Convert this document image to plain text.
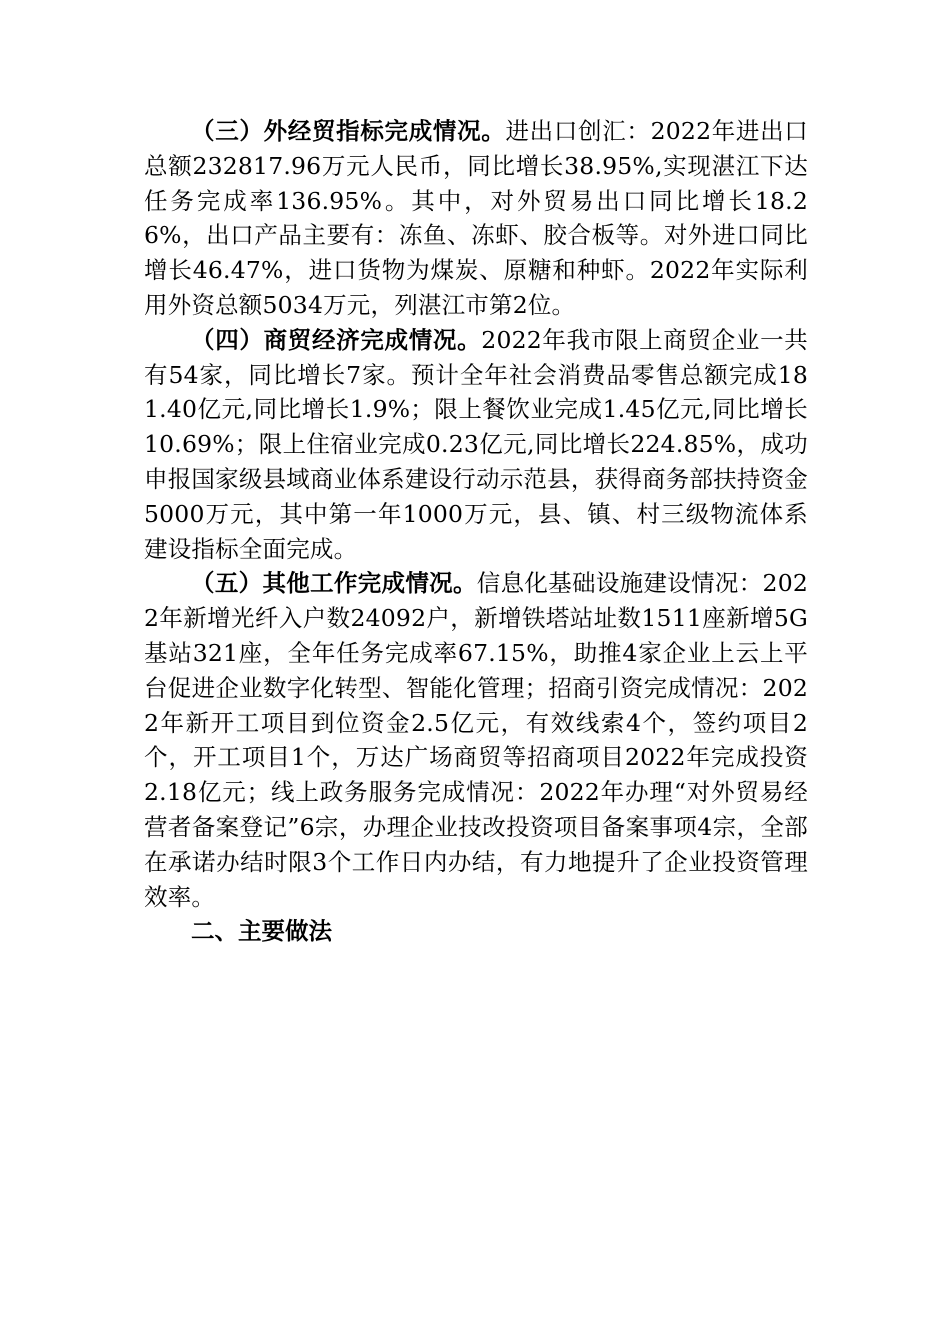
（三）外经贸指标完成情况。进出口创汇：2022年进出口总额232817.96万元人民币，同比增长38.95%,实现湛江下达任务完成率136.95%。其中，对外贸易出口同比增长18.26%，出口产品主要有：冻鱼、冻虾、胶合板等。对外进口同比增长46.47%，进口货物为煤炭、原糖和种虾。2022年实际利用外资总额5034万元，列湛江市第2位。

（四）商贸经济完成情况。2022年我市限上商贸企业一共有54家，同比增长7家。预计全年社会消费品零售总额完成181.40亿元,同比增长1.9%；限上餐饮业完成1.45亿元,同比增长10.69%；限上住宿业完成0.23亿元,同比增长224.85%，成功申报国家级县域商业体系建设行动示范县，获得商务部扶持资金5000万元，其中第一年1000万元，县、镇、村三级物流体系建设指标全面完成。

（五）其他工作完成情况。信息化基础设施建设情况：2022年新增光纤入户数24092户，新增铁塔站址数1511座新增5G基站321座，全年任务完成率67.15%，助推4家企业上云上平台促进企业数字化转型、智能化管理；招商引资完成情况：2022年新开工项目到位资金2.5亿元，有效线索4个，签约项目2个，开工项目1个，万达广场商贸等招商项目2022年完成投资2.18亿元；线上政务服务完成情况：2022年办理“对外贸易经营者备案登记”6宗，办理企业技改投资项目备案事项4宗，全部在承诺办结时限3个工作日内办结，有力地提升了企业投资管理效率。

二、主要做法
